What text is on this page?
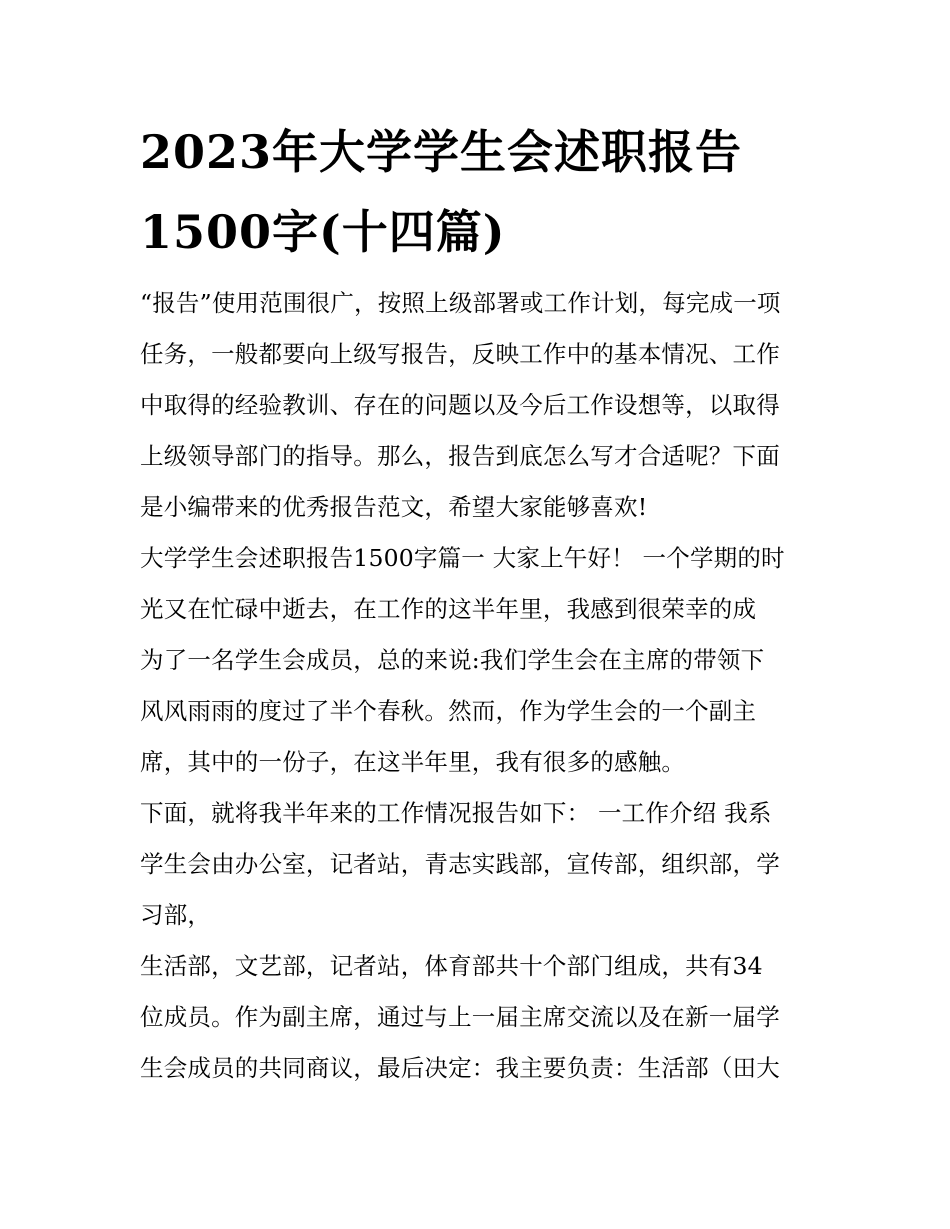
2023年大学学生会述职报告
1500字(十四篇)
“报告”使用范围很广，按照上级部署或工作计划，每完成一项
任务，一般都要向上级写报告，反映工作中的基本情况、工作
中取得的经验教训、存在的问题以及今后工作设想等，以取得
上级领导部门的指导。那么，报告到底怎么写才合适呢？下面
是小编带来的优秀报告范文，希望大家能够喜欢!
大学学生会述职报告1500字篇一 大家上午好！ 一个学期的时
光又在忙碌中逝去，在工作的这半年里，我感到很荣幸的成
为了一名学生会成员，总的来说:我们学生会在主席的带领下
风风雨雨的度过了半个春秋。然而，作为学生会的一个副主
席，其中的一份子，在这半年里，我有很多的感触。
下面，就将我半年来的工作情况报告如下： 一工作介绍 我系
学生会由办公室，记者站，青志实践部，宣传部，组织部，学
习部，
生活部，文艺部，记者站，体育部共十个部门组成，共有34
位成员。作为副主席，通过与上一届主席交流以及在新一届学
生会成员的共同商议，最后决定：我主要负责：生活部（田大
